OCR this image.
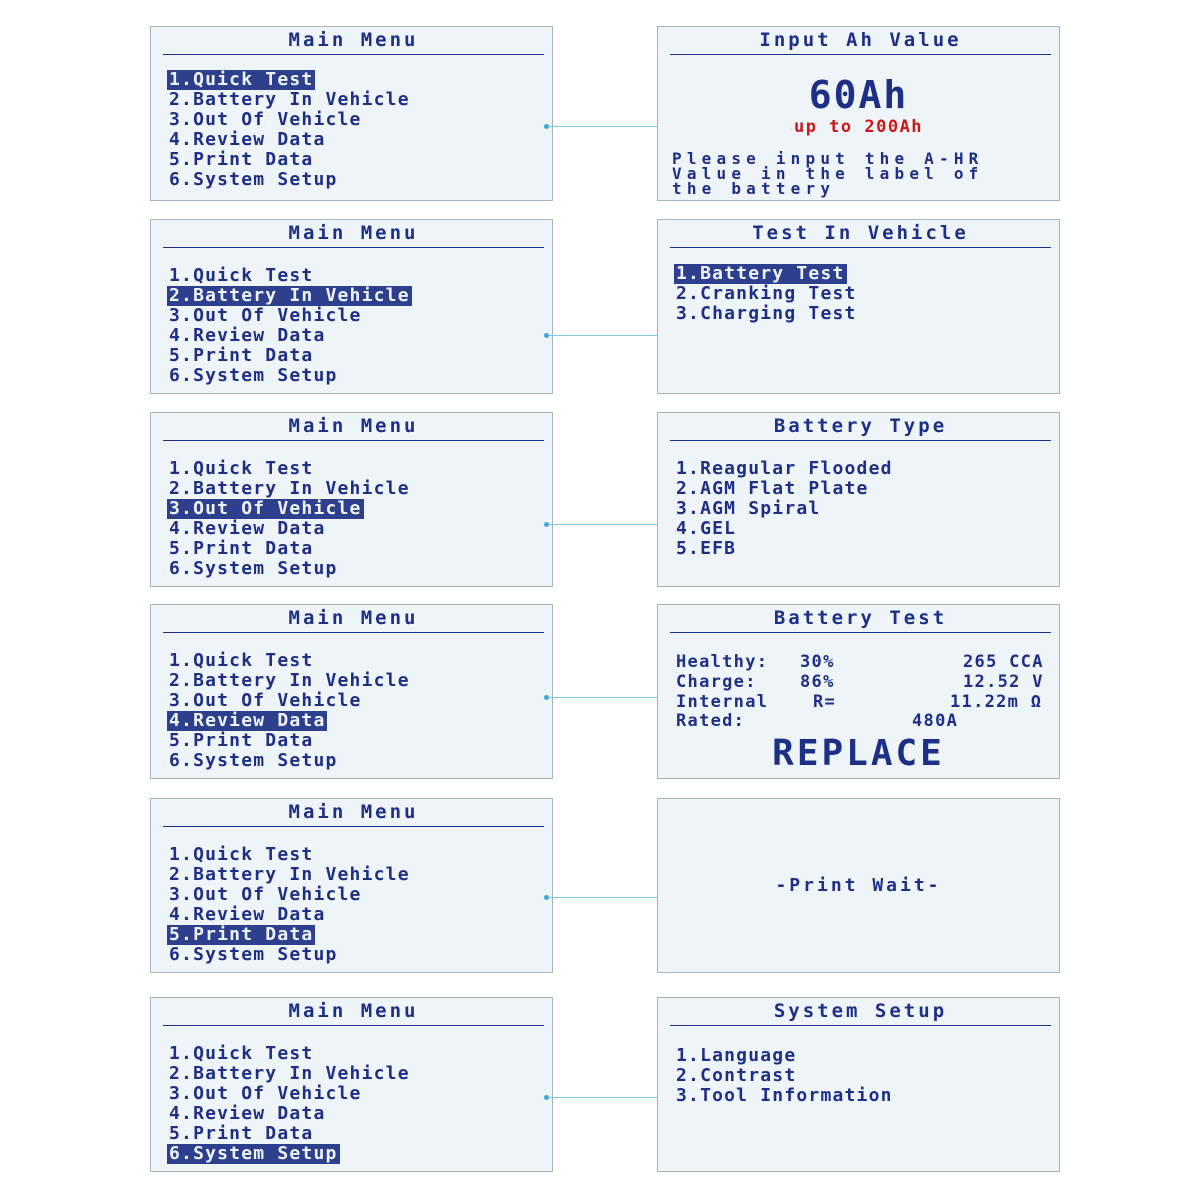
Main Menu
1.Quick Test
2.Battery In Vehicle
3.Out Of Vehicle
4.Review Data
5.Print Data
6.System Setup
Input Ah Value
60Ah
up to 200Ah
Please input the A-HR
Value in the label of
the battery
Main Menu
1.Quick Test
2.Battery In Vehicle
3.Out Of Vehicle
4.Review Data
5.Print Data
6.System Setup
Test In Vehicle
1.Battery Test
2.Cranking Test
3.Charging Test
Main Menu
1.Quick Test
2.Battery In Vehicle
3.Out Of Vehicle
4.Review Data
5.Print Data
6.System Setup
Battery Type
1.Reagular Flooded
2.AGM Flat Plate
3.AGM Spiral
4.GEL
5.EFB
Main Menu
1.Quick Test
2.Battery In Vehicle
3.Out Of Vehicle
4.Review Data
5.Print Data
6.System Setup
Battery Test
Healthy: 30%	265 CCA
Charge:	86%	12.52 V
Internal	R=	11.22m Ω
Rated:	480A
REPLACE
Main Menu
1.Quick Test
2.Battery In Vehicle
3.Out Of Vehicle
4.Review Data
5.Print Data
6.System Setup
-Print Wait-
Main Menu
1.Quick Test
2.Battery In Vehicle
3.Out Of Vehicle
4.Review Data
5.Print Data
6.System Setup
System Setup
1.Language
2.Contrast
3.Tool Information
